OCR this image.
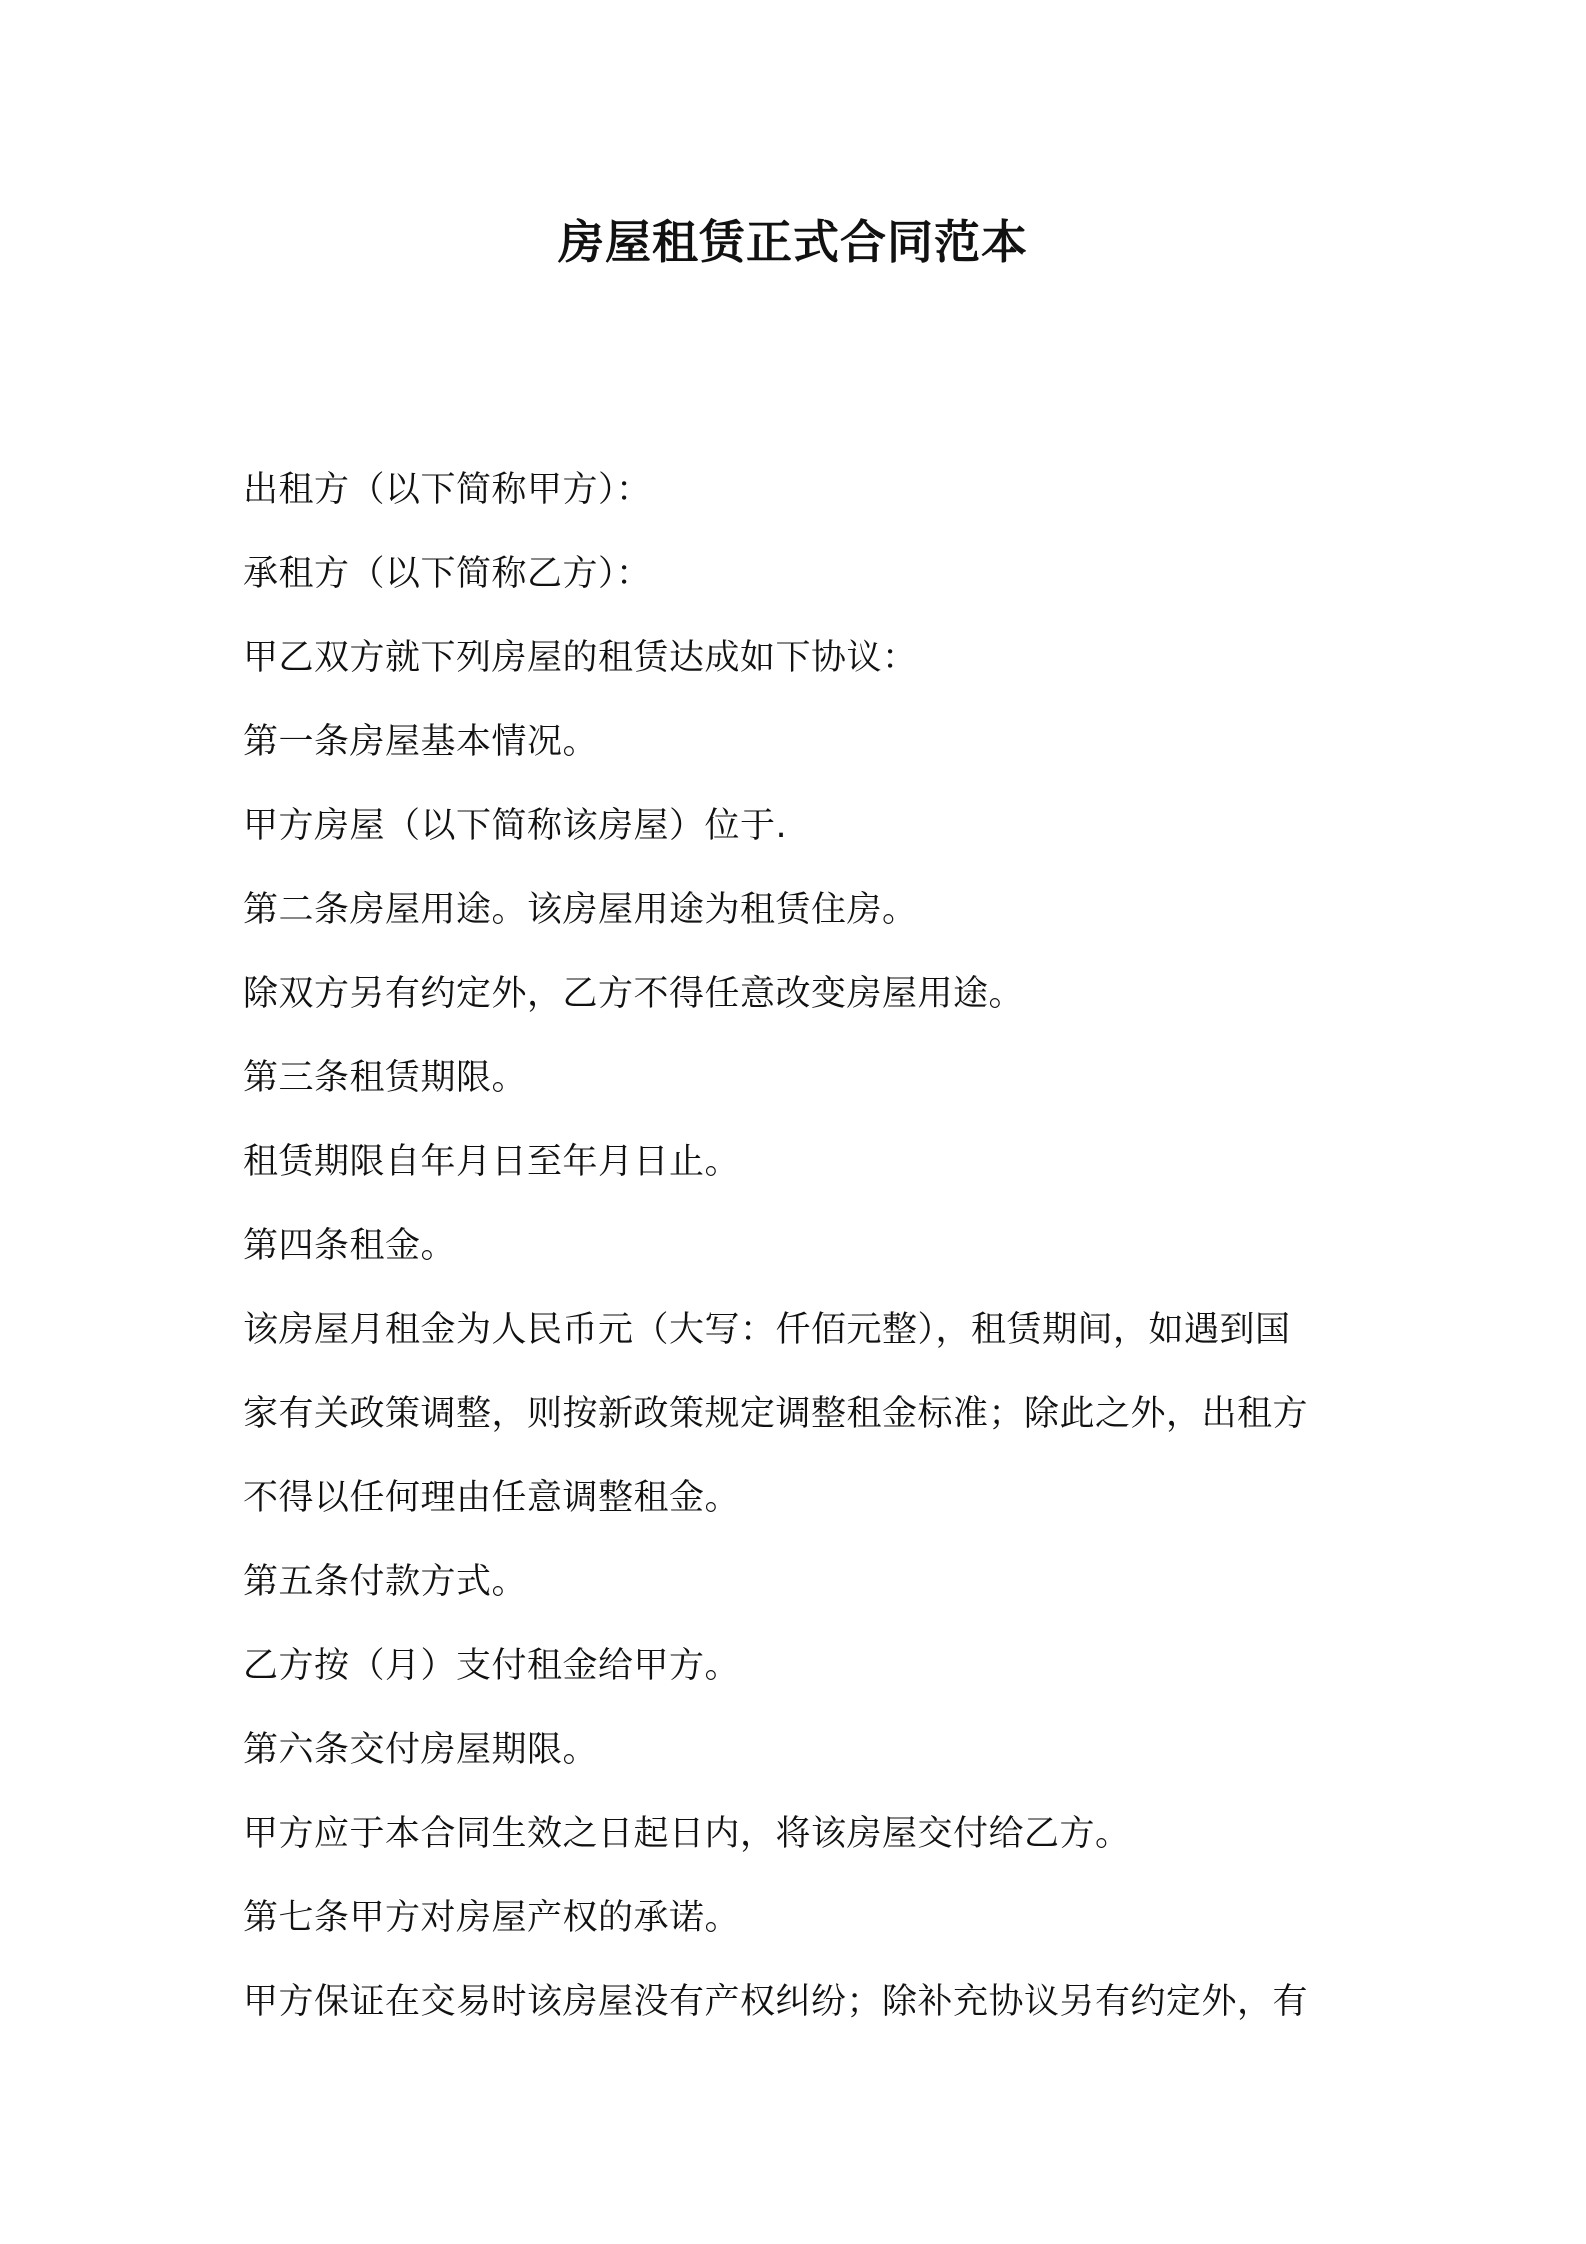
房屋租赁正式合同范本
出租方（以下简称甲方）：
承租方（以下简称乙方）：
甲乙双方就下列房屋的租赁达成如下协议：
第一条房屋基本情况。
甲方房屋（以下简称该房屋）位于.
第二条房屋用途。该房屋用途为租赁住房。
除双方另有约定外，乙方不得任意改变房屋用途。
第三条租赁期限。
租赁期限自年月日至年月日止。
第四条租金。
该房屋月租金为人民币元（大写：仟佰元整），租赁期间，如遇到国
家有关政策调整，则按新政策规定调整租金标准；除此之外，出租方
不得以任何理由任意调整租金。
第五条付款方式。
乙方按（月）支付租金给甲方。
第六条交付房屋期限。
甲方应于本合同生效之日起日内，将该房屋交付给乙方。
第七条甲方对房屋产权的承诺。
甲方保证在交易时该房屋没有产权纠纷；除补充协议另有约定外，有
